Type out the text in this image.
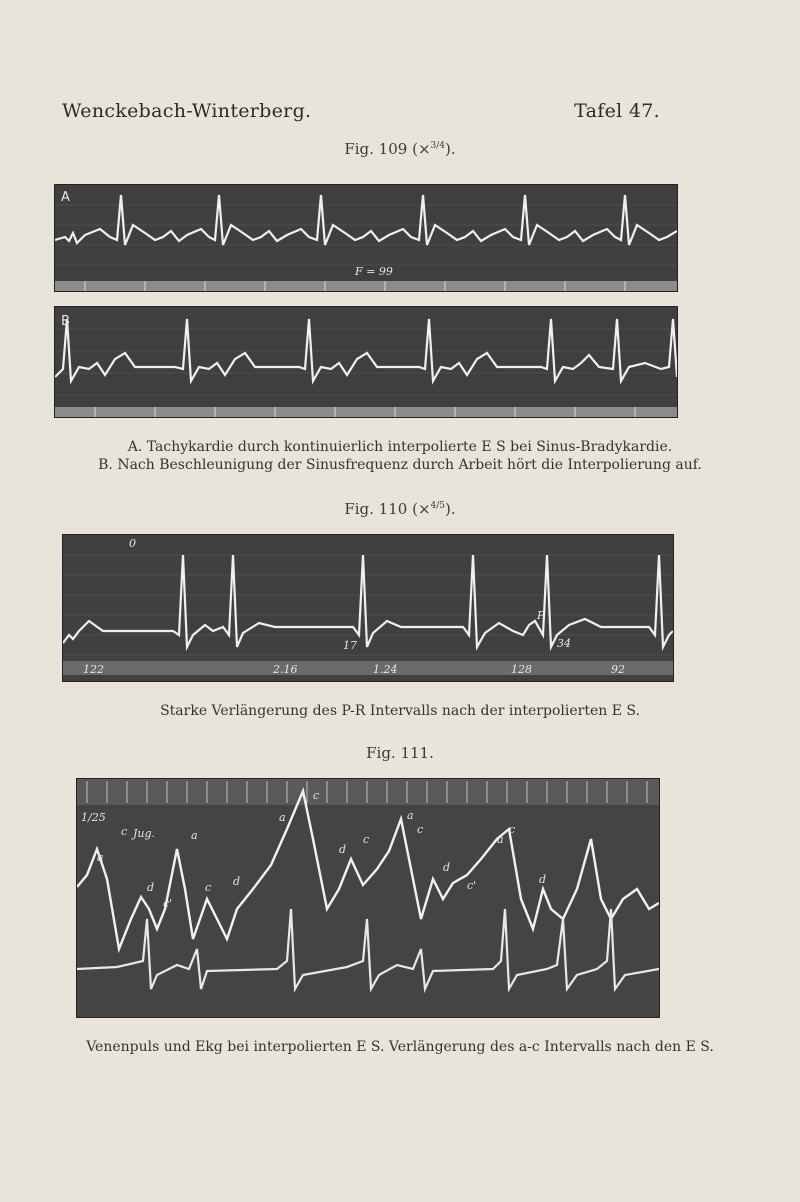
Wenckebach-Winterberg.	Tafel 47.
Fig. 109 (×$^{3/4}$).
A
F = 99
B
A. Tachykardie durch kontinuierlich interpolierte E S bei Sinus-Bradykardie.
B. Nach Beschleunigung der Sinusfrequenz durch Arbeit hört die Interpolierung auf.
Fig. 110 (×$^{4/5}$).
0
P
17	34
122	2.16	1.24	128	92
Starke Verlängerung des P-R Intervalls nach der interpolierten E S.
Fig. 111.
1/25
Jug.
a
c
d
c'
a
c d
a
c
d
c
a
c
d
c'
a
c
d
Venenpuls und Ekg bei interpolierten E S. Verlängerung des a-c Intervalls nach den E S.
